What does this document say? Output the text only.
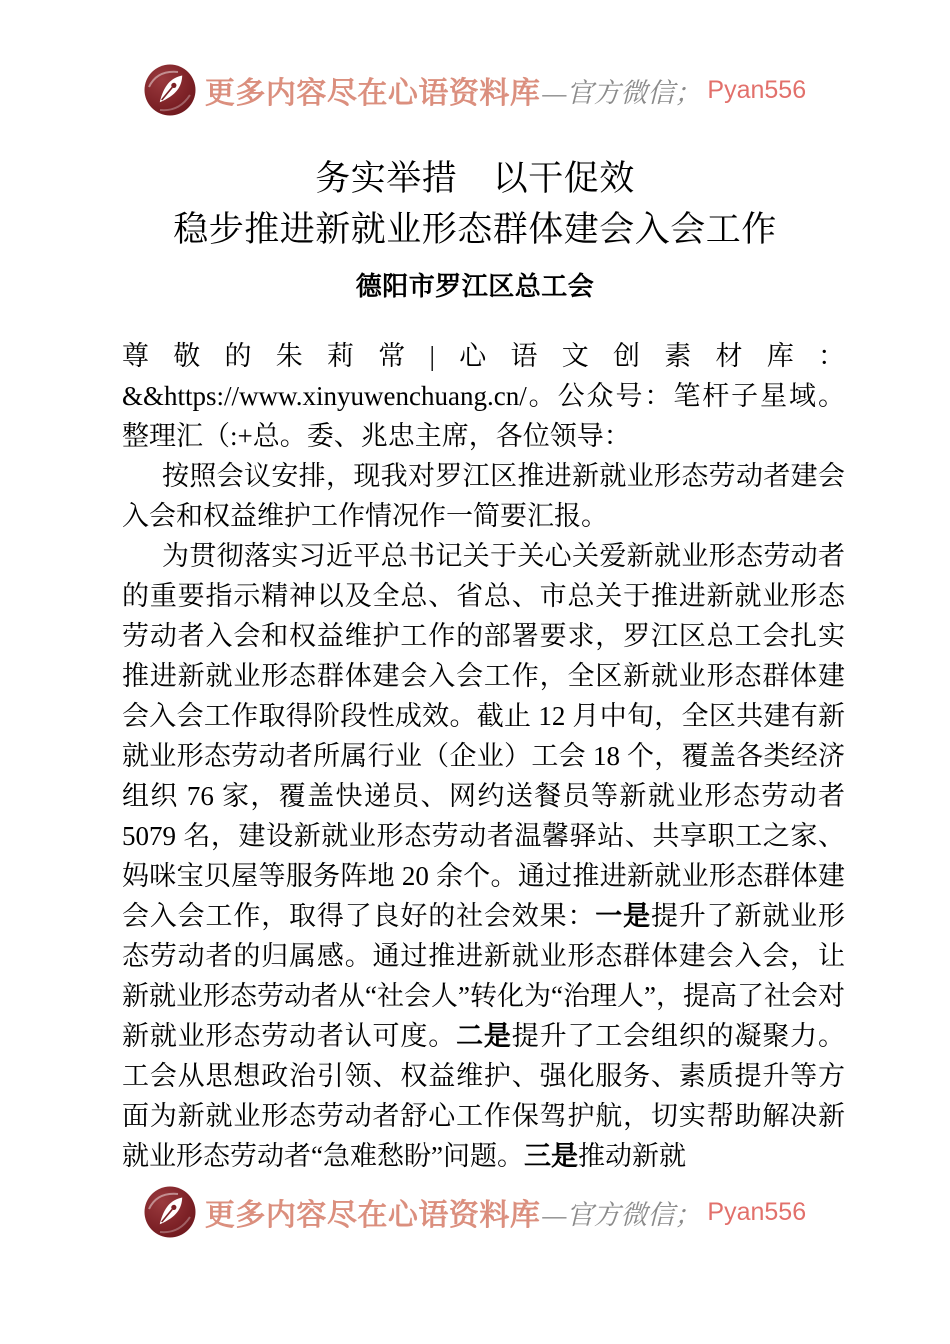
更多内容尽在心语资料库 —官方微信； Pyan556
务实举措　以干促效
稳步推进新就业形态群体建会入会工作
德阳市罗江区总工会

尊敬的朱莉常|心语文创素材库：&&https://www.xinyuwenchuang.cn/。公众号：笔杆子星域。整理汇（:+总。委、兆忠主席，各位领导：

按照会议安排，现我对罗江区推进新就业形态劳动者建会入会和权益维护工作情况作一简要汇报。

为贯彻落实习近平总书记关于关心关爱新就业形态劳动者的重要指示精神以及全总、省总、市总关于推进新就业形态劳动者入会和权益维护工作的部署要求，罗江区总工会扎实推进新就业形态群体建会入会工作，全区新就业形态群体建会入会工作取得阶段性成效。截止 12 月中旬，全区共建有新就业形态劳动者所属行业（企业）工会 18 个，覆盖各类经济组织 76 家，覆盖快递员、网约送餐员等新就业形态劳动者 5079 名，建设新就业形态劳动者温馨驿站、共享职工之家、妈咪宝贝屋等服务阵地 20 余个。通过推进新就业形态群体建会入会工作，取得了良好的社会效果：一是提升了新就业形态劳动者的归属感。通过推进新就业形态群体建会入会，让新就业形态劳动者从“社会人”转化为“治理人”，提高了社会对新就业形态劳动者认可度。二是提升了工会组织的凝聚力。工会从思想政治引领、权益维护、强化服务、素质提升等方面为新就业形态劳动者舒心工作保驾护航，切实帮助解决新就业形态劳动者“急难愁盼”问题。三是推动新就

更多内容尽在心语资料库 —官方微信； Pyan556
